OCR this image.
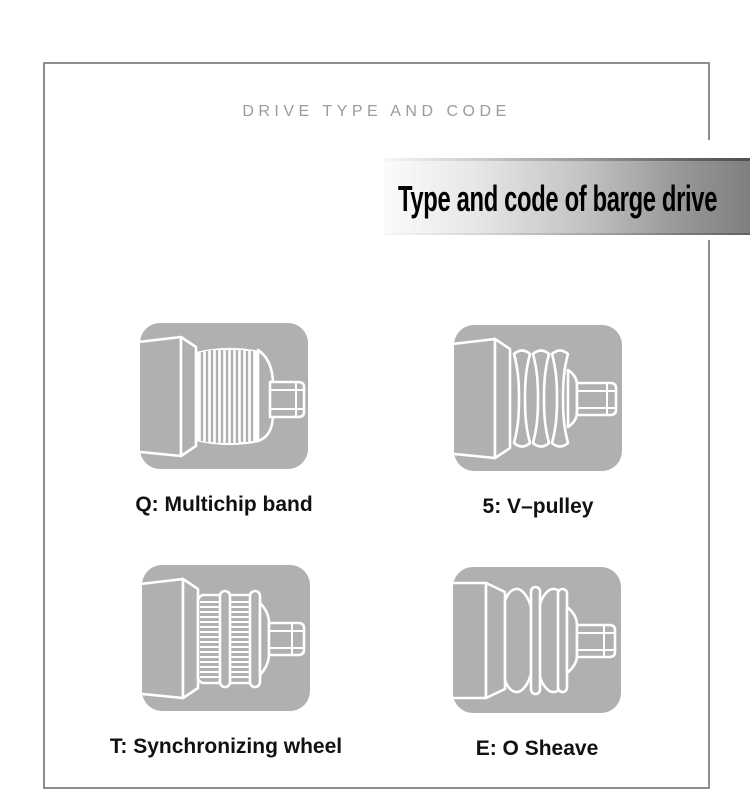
DRIVE TYPE AND CODE
Type and code of barge drive
Q: Multichip band	5: V–pulley
T: Synchronizing wheel	E: O Sheave
